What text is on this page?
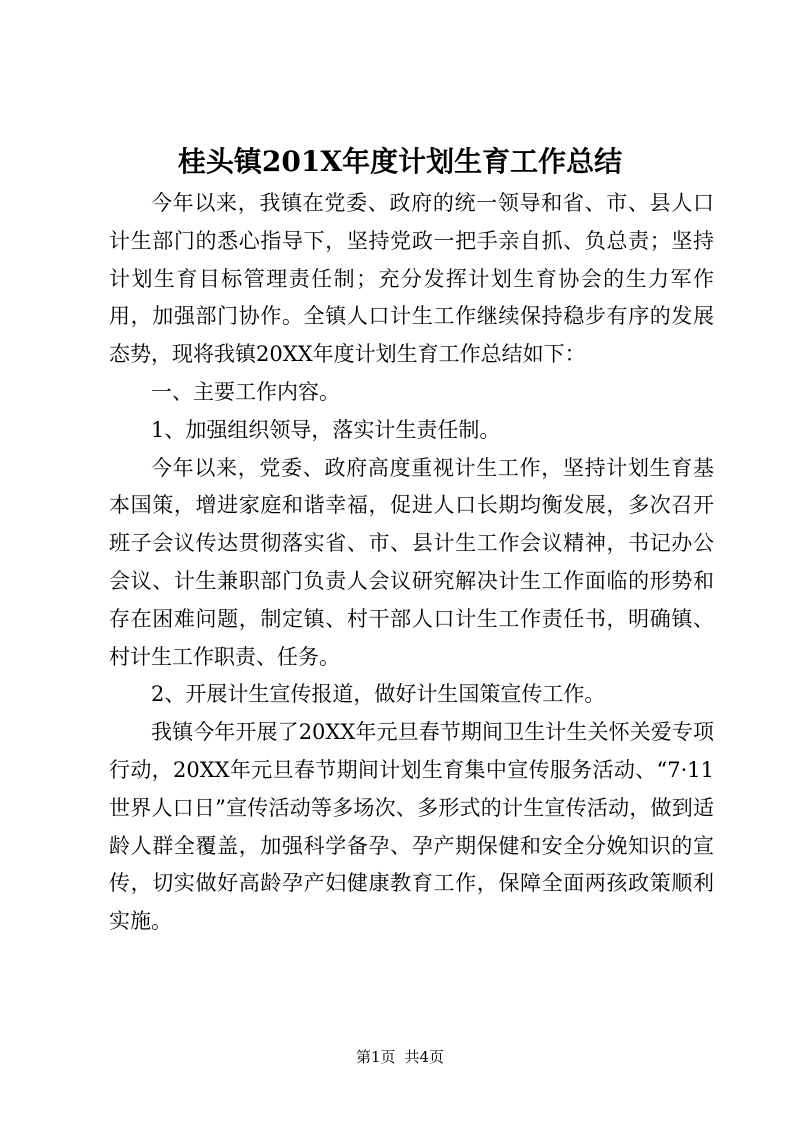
桂头镇201X年度计划生育工作总结

今年以来，我镇在党委、政府的统一领导和省、市、县人口计生部门的悉心指导下，坚持党政一把手亲自抓、负总责；坚持计划生育目标管理责任制；充分发挥计划生育协会的生力军作用，加强部门协作。全镇人口计生工作继续保持稳步有序的发展态势，现将我镇20XX年度计划生育工作总结如下：

一、主要工作内容。

1、加强组织领导，落实计生责任制。

今年以来，党委、政府高度重视计生工作，坚持计划生育基本国策，增进家庭和谐幸福，促进人口长期均衡发展，多次召开班子会议传达贯彻落实省、市、县计生工作会议精神，书记办公会议、计生兼职部门负责人会议研究解决计生工作面临的形势和存在困难问题，制定镇、村干部人口计生工作责任书，明确镇、村计生工作职责、任务。

2、开展计生宣传报道，做好计生国策宣传工作。

我镇今年开展了20XX年元旦春节期间卫生计生关怀关爱专项行动，20XX年元旦春节期间计划生育集中宣传服务活动、“7·11世界人口日”宣传活动等多场次、多形式的计生宣传活动，做到适龄人群全覆盖，加强科学备孕、孕产期保健和安全分娩知识的宣传，切实做好高龄孕产妇健康教育工作，保障全面两孩政策顺利实施。

第1页 共4页
